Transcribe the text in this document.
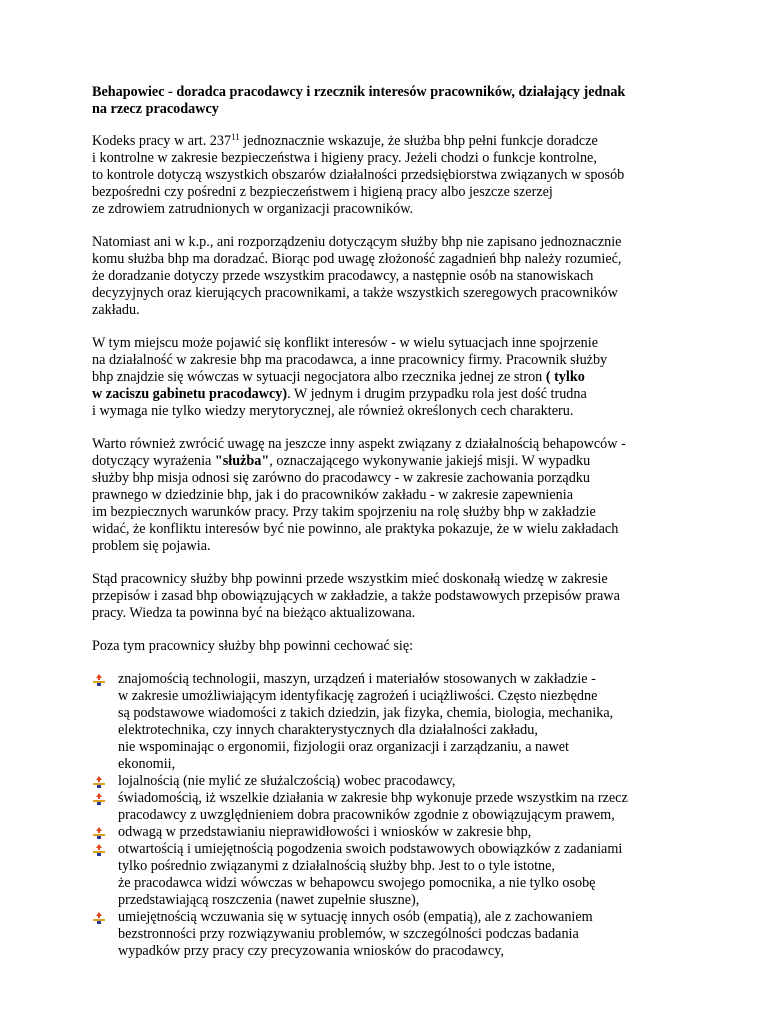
Behapowiec - doradca pracodawcy i rzecznik interesów pracowników, działający jednak
na rzecz pracodawcy
Kodeks pracy w art. $237^{11}$ jednoznacznie wskazuje, że służba bhp pełni funkcje doradcze
i kontrolne w zakresie bezpieczeństwa i higieny pracy. Jeżeli chodzi o funkcje kontrolne,
to kontrole dotyczą wszystkich obszarów działalności przedsiębiorstwa związanych w sposób
bezpośredni czy pośredni z bezpieczeństwem i higieną pracy albo jeszcze szerzej
ze zdrowiem zatrudnionych w organizacji pracowników.
Natomiast ani w k.p., ani rozporządzeniu dotyczącym służby bhp nie zapisano jednoznacznie
komu służba bhp ma doradzać. Biorąc pod uwagę złożoność zagadnień bhp należy rozumieć,
że doradzanie dotyczy przede wszystkim pracodawcy, a następnie osób na stanowiskach
decyzyjnych oraz kierujących pracownikami, a także wszystkich szeregowych pracowników
zakładu.
W tym miejscu może pojawić się konflikt interesów - w wielu sytuacjach inne spojrzenie
na działalność w zakresie bhp ma pracodawca, a inne pracownicy firmy. Pracownik służby
bhp znajdzie się wówczas w sytuacji negocjatora albo rzecznika jednej ze stron ( tylko
w zaciszu gabinetu pracodawcy). W jednym i drugim przypadku rola jest dość trudna
i wymaga nie tylko wiedzy merytorycznej, ale również określonych cech charakteru.
Warto również zwrócić uwagę na jeszcze inny aspekt związany z działalnością behapowców -
dotyczący wyrażenia "służba", oznaczającego wykonywanie jakiejś misji. W wypadku
służby bhp misja odnosi się zarówno do pracodawcy - w zakresie zachowania porządku
prawnego w dziedzinie bhp, jak i do pracowników zakładu - w zakresie zapewnienia
im bezpiecznych warunków pracy. Przy takim spojrzeniu na rolę służby bhp w zakładzie
widać, że konfliktu interesów być nie powinno, ale praktyka pokazuje, że w wielu zakładach
problem się pojawia.
Stąd pracownicy służby bhp powinni przede wszystkim mieć doskonałą wiedzę w zakresie
przepisów i zasad bhp obowiązujących w zakładzie, a także podstawowych przepisów prawa
pracy. Wiedza ta powinna być na bieżąco aktualizowana.
Poza tym pracownicy służby bhp powinni cechować się:
znajomością technologii, maszyn, urządzeń i materiałów stosowanych w zakładzie -
w zakresie umożliwiającym identyfikację zagrożeń i uciążliwości. Często niezbędne
są podstawowe wiadomości z takich dziedzin, jak fizyka, chemia, biologia, mechanika,
elektrotechnika, czy innych charakterystycznych dla działalności zakładu,
nie wspominając o ergonomii, fizjologii oraz organizacji i zarządzaniu, a nawet
ekonomii,
lojalnością (nie mylić ze służalczością) wobec pracodawcy,
świadomością, iż wszelkie działania w zakresie bhp wykonuje przede wszystkim na rzecz
pracodawcy z uwzględnieniem dobra pracowników zgodnie z obowiązującym prawem,
odwagą w przedstawianiu nieprawidłowości i wniosków w zakresie bhp,
otwartością i umiejętnością pogodzenia swoich podstawowych obowiązków z zadaniami
tylko pośrednio związanymi z działalnością służby bhp. Jest to o tyle istotne,
że pracodawca widzi wówczas w behapowcu swojego pomocnika, a nie tylko osobę
przedstawiającą roszczenia (nawet zupełnie słuszne),
umiejętnością wczuwania się w sytuację innych osób (empatią), ale z zachowaniem
bezstronności przy rozwiązywaniu problemów, w szczególności podczas badania
wypadków przy pracy czy precyzowania wniosków do pracodawcy,
